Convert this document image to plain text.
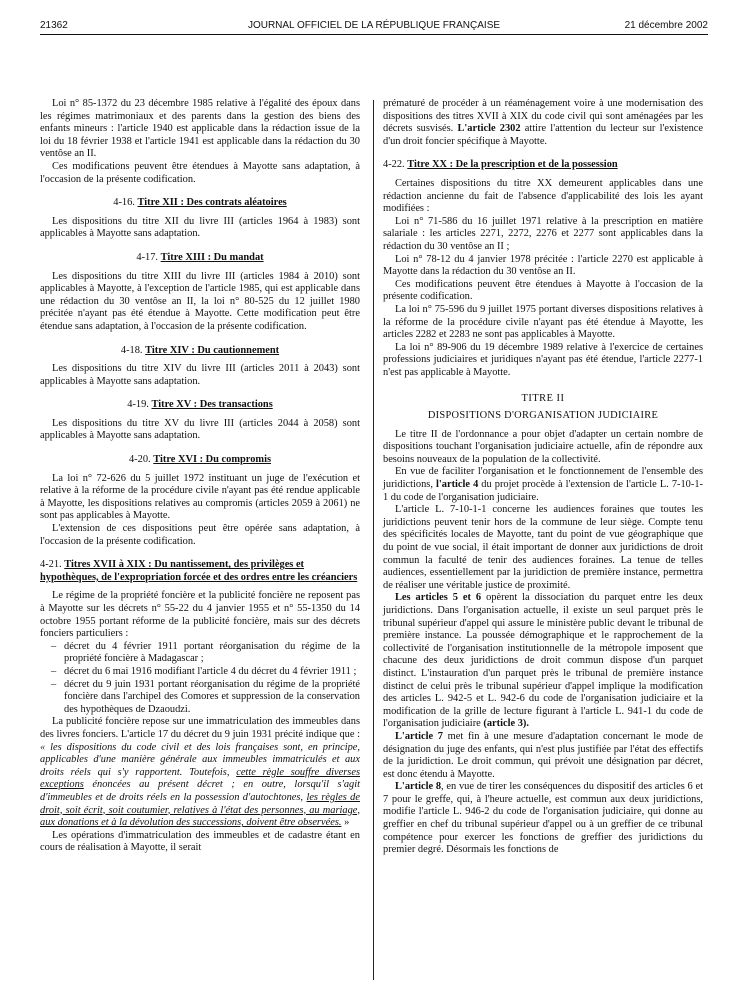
21362	JOURNAL OFFICIEL DE LA RÉPUBLIQUE FRANÇAISE	21 décembre 2002

Loi n° 85-1372 du 23 décembre 1985 relative à l'égalité des époux dans les régimes matrimoniaux et des parents dans la gestion des biens des enfants mineurs : l'article 1940 est applicable dans la rédaction issue de la loi du 18 février 1938 et l'article 1941 est applicable dans la rédaction du 30 ventôse an II.

Ces modifications peuvent être étendues à Mayotte sans adaptation, à l'occasion de la présente codification.

4-16. Titre XII : Des contrats aléatoires

Les dispositions du titre XII du livre III (articles 1964 à 1983) sont applicables à Mayotte sans adaptation.

4-17. Titre XIII : Du mandat

Les dispositions du titre XIII du livre III (articles 1984 à 2010) sont applicables à Mayotte, à l'exception de l'article 1985, qui est applicable dans une rédaction du 30 ventôse an II, la loi n° 80-525 du 12 juillet 1980 précitée n'ayant pas été étendue à Mayotte. Cette modification peut être étendue sans adaptation, à l'occasion de la présente codification.

4-18. Titre XIV : Du cautionnement

Les dispositions du titre XIV du livre III (articles 2011 à 2043) sont applicables à Mayotte sans adaptation.

4-19. Titre XV : Des transactions

Les dispositions du titre XV du livre III (articles 2044 à 2058) sont applicables à Mayotte sans adaptation.

4-20. Titre XVI : Du compromis

La loi n° 72-626 du 5 juillet 1972 instituant un juge de l'exécution et relative à la réforme de la procédure civile n'ayant pas été rendue applicable à Mayotte, les dispositions relatives au compromis (articles 2059 à 2061) ne sont pas applicables à Mayotte.

L'extension de ces dispositions peut être opérée sans adaptation, à l'occasion de la présente codification.

4-21. Titres XVII à XIX : Du nantissement, des privilèges et hypothèques, de l'expropriation forcée et des ordres entre les créanciers

Le régime de la propriété foncière et la publicité foncière ne reposent pas à Mayotte sur les décrets n° 55-22 du 4 janvier 1955 et n° 55-1350 du 14 octobre 1955 portant réforme de la publicité foncière, mais sur des décrets fonciers particuliers :

– décret du 4 février 1911 portant réorganisation du régime de la propriété foncière à Madagascar ;
– décret du 6 mai 1916 modifiant l'article 4 du décret du 4 février 1911 ;
– décret du 9 juin 1931 portant réorganisation du régime de la propriété foncière dans l'archipel des Comores et suppression de la conservation des hypothèques de Dzaoudzi.

La publicité foncière repose sur une immatriculation des immeubles dans des livres fonciers. L'article 17 du décret du 9 juin 1931 précité indique que : « les dispositions du code civil et des lois françaises sont, en principe, applicables d'une manière générale aux immeubles immatriculés et aux droits réels qui s'y rapportent. Toutefois, cette règle souffre diverses exceptions énoncées au présent décret ; en outre, lorsqu'il s'agit d'immeubles et de droits réels en la possession d'autochtones, les règles de droit, soit écrit, soit coutumier, relatives à l'état des personnes, au mariage, aux donations et à la dévolution des successions, doivent être observées. »

Les opérations d'immatriculation des immeubles et de cadastre étant en cours de réalisation à Mayotte, il serait

prématuré de procéder à un réaménagement voire à une modernisation des dispositions des titres XVII à XIX du code civil qui sont aménagées par les décrets susvisés. L'article 2302 attire l'attention du lecteur sur l'existence d'un droit foncier spécifique à Mayotte.

4-22. Titre XX : De la prescription et de la possession

Certaines dispositions du titre XX demeurent applicables dans une rédaction ancienne du fait de l'absence d'applicabilité des lois les ayant modifiées :

Loi n° 71-586 du 16 juillet 1971 relative à la prescription en matière salariale : les articles 2271, 2272, 2276 et 2277 sont applicables dans la rédaction du 30 ventôse an II ;

Loi n° 78-12 du 4 janvier 1978 précitée : l'article 2270 est applicable à Mayotte dans la rédaction du 30 ventôse an II.

Ces modifications peuvent être étendues à Mayotte à l'occasion de la présente codification.

La loi n° 75-596 du 9 juillet 1975 portant diverses dispositions relatives à la réforme de la procédure civile n'ayant pas été étendue à Mayotte, les articles 2282 et 2283 ne sont pas applicables à Mayotte.

La loi n° 89-906 du 19 décembre 1989 relative à l'exercice de certaines professions judiciaires et juridiques n'ayant pas été étendue, l'article 2277-1 n'est pas applicable à Mayotte.

TITRE II

DISPOSITIONS D'ORGANISATION JUDICIAIRE

Le titre II de l'ordonnance a pour objet d'adapter un certain nombre de dispositions touchant l'organisation judiciaire actuelle, afin de répondre aux besoins nouveaux de la population de la collectivité.

En vue de faciliter l'organisation et le fonctionnement de l'ensemble des juridictions, l'article 4 du projet procède à l'extension de l'article L. 7-10-1-1 du code de l'organisation judiciaire.

L'article L. 7-10-1-1 concerne les audiences foraines que toutes les juridictions peuvent tenir hors de la commune de leur siège. Compte tenu des spécificités locales de Mayotte, tant du point de vue géographique que du point de vue social, il était important de donner aux juridictions de droit commun la faculté de tenir des audiences foraines. La tenue de telles audiences, essentiellement par la juridiction de première instance, permettra de réaliser une véritable justice de proximité.

Les articles 5 et 6 opèrent la dissociation du parquet entre les deux juridictions. Dans l'organisation actuelle, il existe un seul parquet près le tribunal supérieur d'appel qui assure le ministère public devant le tribunal de première instance. La poussée démographique et le rapprochement de la collectivité de l'organisation institutionnelle de la métropole imposent que chacune des deux juridictions de droit commun dispose d'un parquet distinct. L'instauration d'un parquet près le tribunal de première instance distinct de celui près le tribunal supérieur d'appel implique la modification des articles L. 942-5 et L. 942-6 du code de l'organisation judiciaire et la modification de la grille de lecture figurant à l'article L. 941-1 du code de l'organisation judiciaire (article 3).

L'article 7 met fin à une mesure d'adaptation concernant le mode de désignation du juge des enfants, qui n'est plus justifiée par l'état des effectifs de la juridiction. Le droit commun, qui prévoit une désignation par décret, est donc étendu à Mayotte.

L'article 8, en vue de tirer les conséquences du dispositif des articles 6 et 7 pour le greffe, qui, à l'heure actuelle, est commun aux deux juridictions, modifie l'article L. 946-2 du code de l'organisation judiciaire, qui donne au greffier en chef du tribunal supérieur d'appel ou à un greffier de ce tribunal compétence pour exercer les fonctions de greffier des juridictions du premier degré. Désormais les fonctions de
